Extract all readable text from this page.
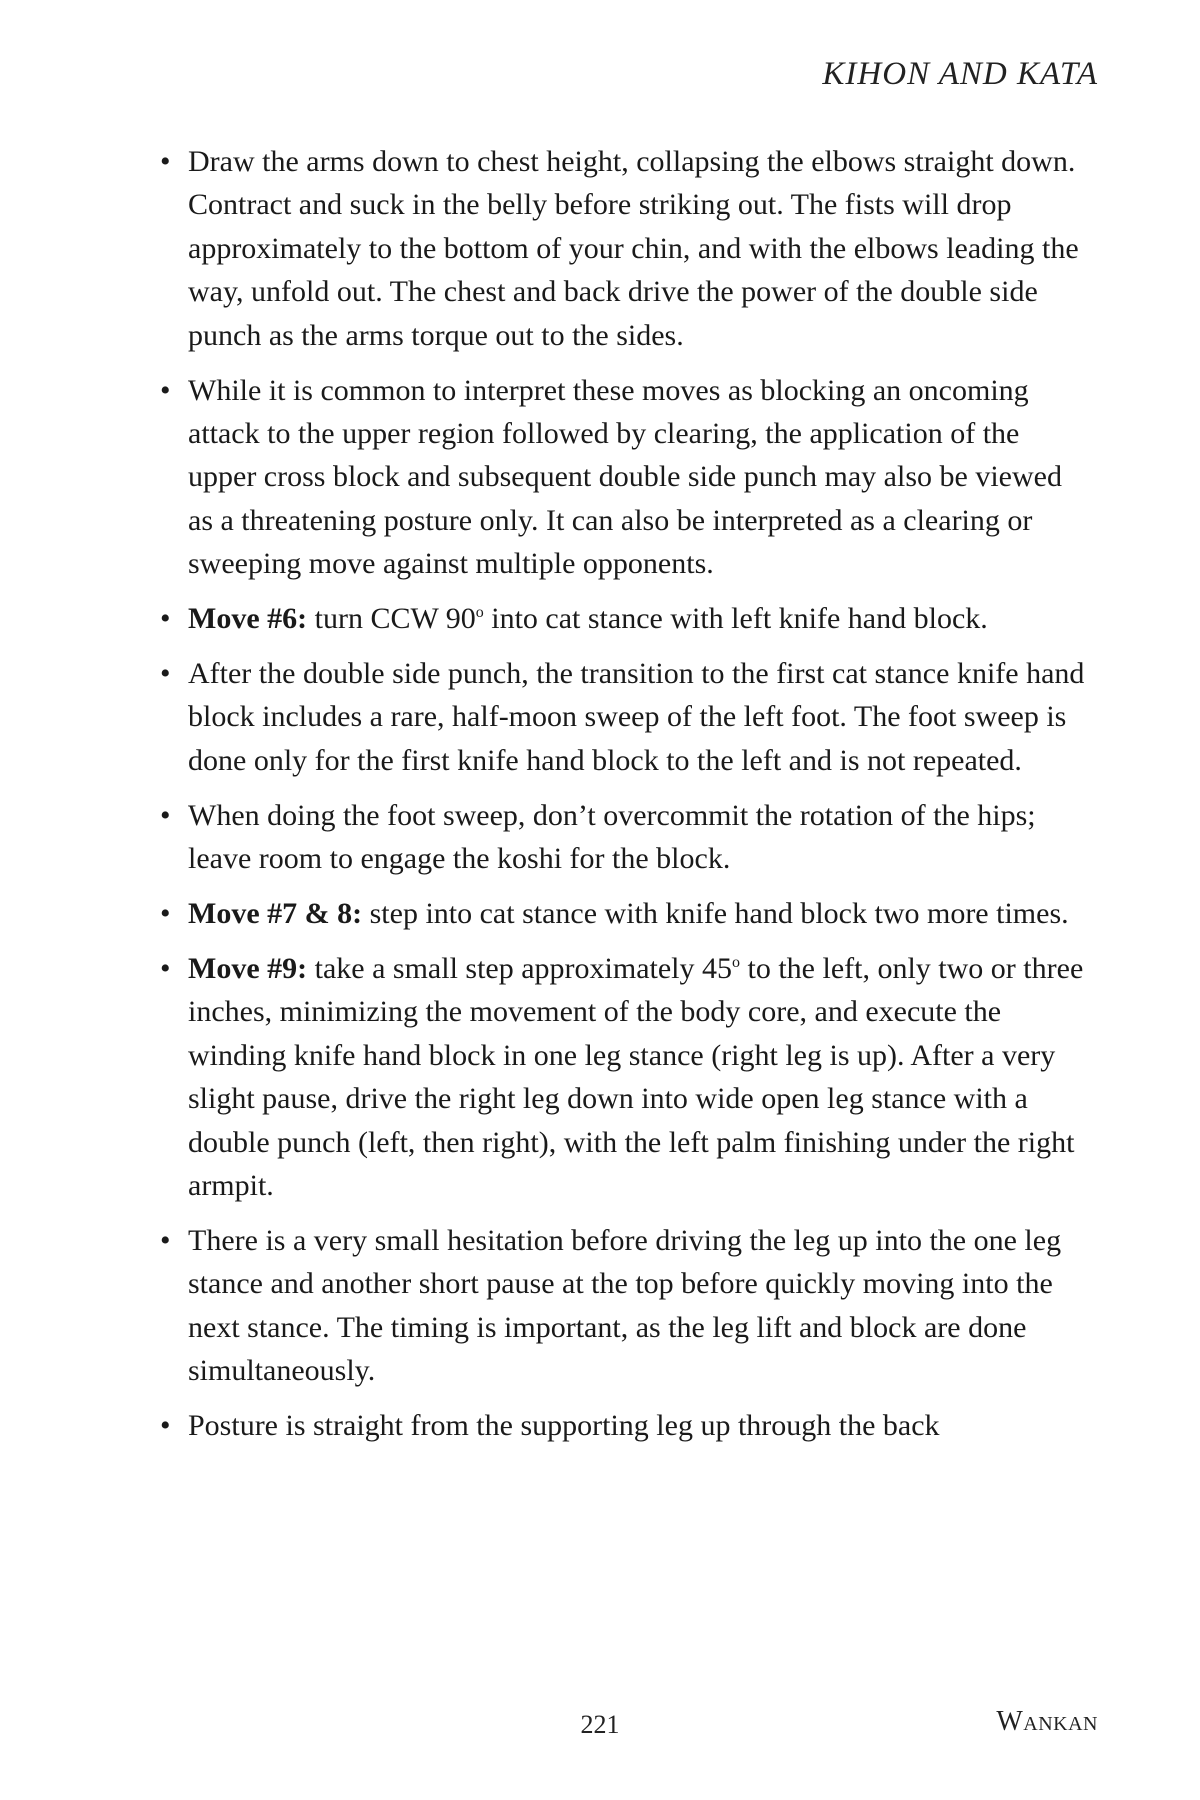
KIHON AND KATA
• Draw the arms down to chest height, collapsing the elbows straight down. Contract and suck in the belly before striking out. The fists will drop approximately to the bottom of your chin, and with the elbows leading the way, unfold out. The chest and back drive the power of the double side punch as the arms torque out to the sides.
• While it is common to interpret these moves as blocking an oncoming attack to the upper region followed by clearing, the application of the upper cross block and subsequent double side punch may also be viewed as a threatening posture only. It can also be interpreted as a clearing or sweeping move against multiple opponents.
• Move #6: turn CCW 90$^o$ into cat stance with left knife hand block.
• After the double side punch, the transition to the first cat stance knife hand block includes a rare, half-moon sweep of the left foot. The foot sweep is done only for the first knife hand block to the left and is not repeated.
• When doing the foot sweep, don’t overcommit the rotation of the hips; leave room to engage the koshi for the block.
• Move #7 & 8: step into cat stance with knife hand block two more times.
• Move #9: take a small step approximately 45$^o$ to the left, only two or three inches, minimizing the movement of the body core, and execute the winding knife hand block in one leg stance (right leg is up). After a very slight pause, drive the right leg down into wide open leg stance with a double punch (left, then right), with the left palm finishing under the right armpit.
• There is a very small hesitation before driving the leg up into the one leg stance and another short pause at the top before quickly moving into the next stance. The timing is important, as the leg lift and block are done simultaneously.
• Posture is straight from the supporting leg up through the back
221	Wankan
